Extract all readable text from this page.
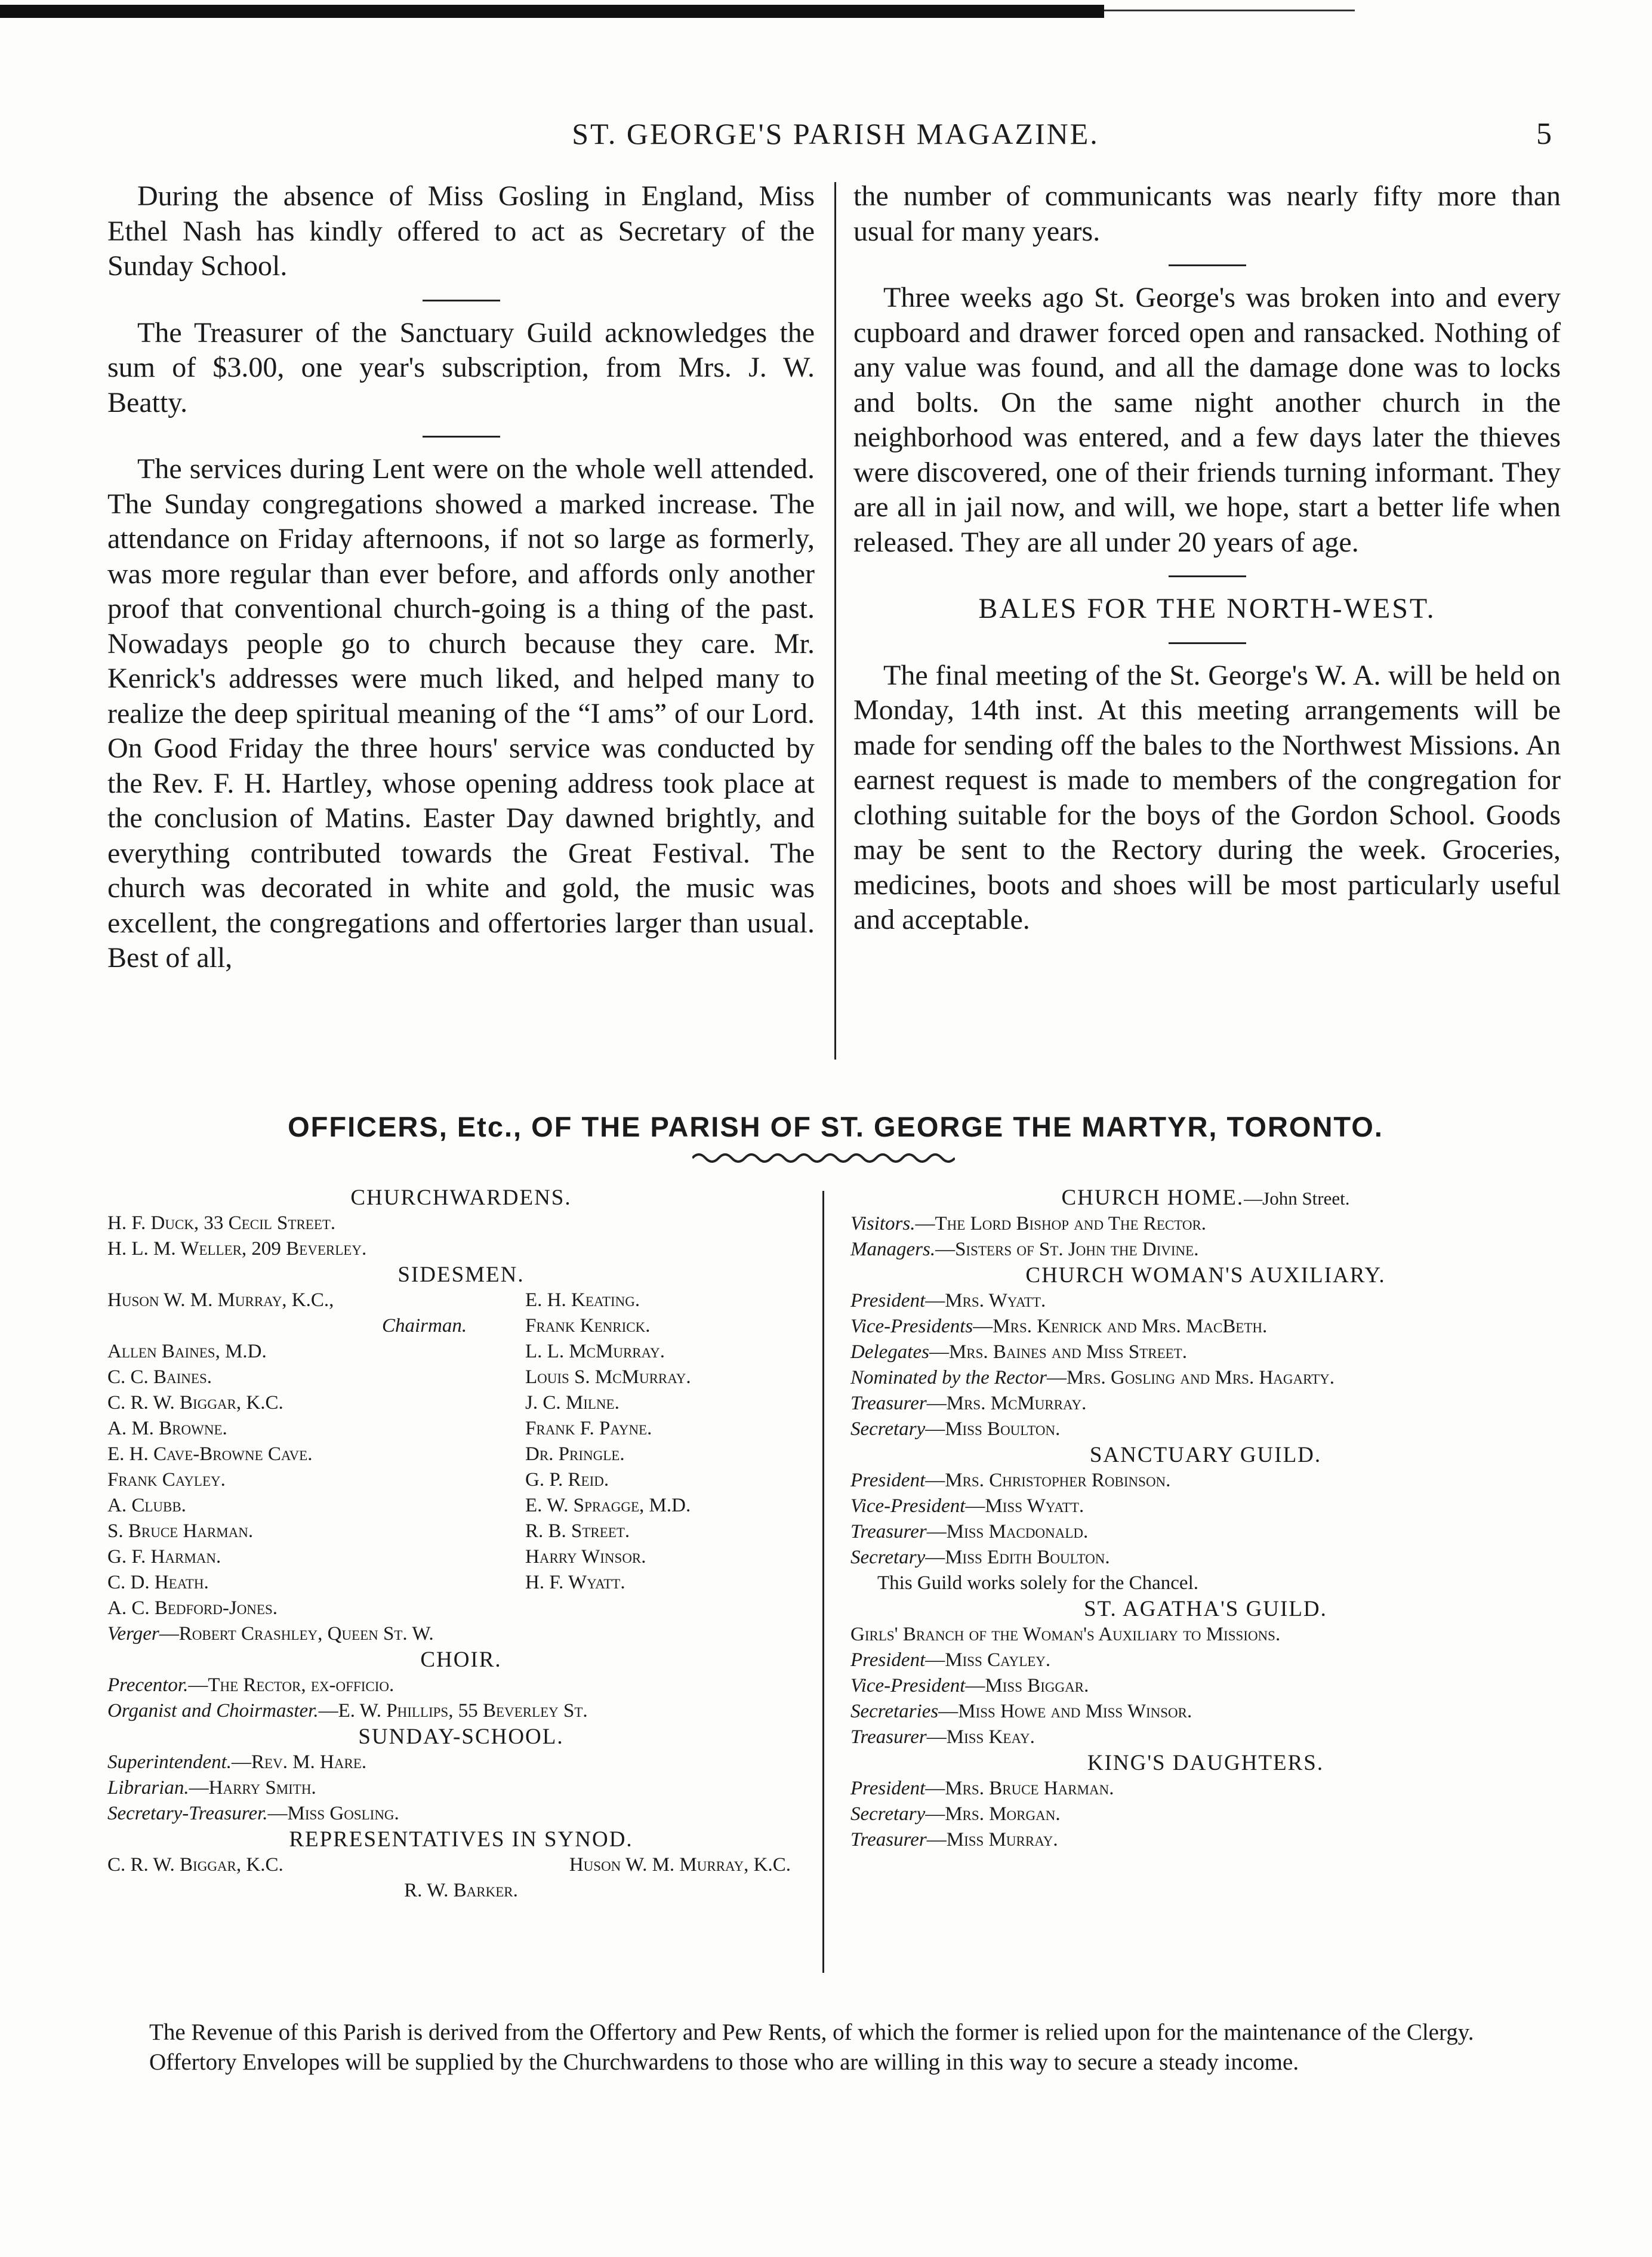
ST. GEORGE'S PARISH MAGAZINE.	5

During the absence of Miss Gosling in England, Miss Ethel Nash has kindly offered to act as Secretary of the Sunday School.

The Treasurer of the Sanctuary Guild acknowledges the sum of $3.00, one year's subscription, from Mrs. J. W. Beatty.

The services during Lent were on the whole well attended. The Sunday congregations showed a marked increase. The attendance on Friday afternoons, if not so large as formerly, was more regular than ever before, and affords only another proof that conventional church-going is a thing of the past. Nowadays people go to church because they care. Mr. Kenrick's addresses were much liked, and helped many to realize the deep spiritual meaning of the “I ams” of our Lord. On Good Friday the three hours' service was conducted by the Rev. F. H. Hartley, whose opening address took place at the conclusion of Matins. Easter Day dawned brightly, and everything contributed towards the Great Festival. The church was decorated in white and gold, the music was excellent, the congregations and offertories larger than usual. Best of all,

the number of communicants was nearly fifty more than usual for many years.

Three weeks ago St. George's was broken into and every cupboard and drawer forced open and ransacked. Nothing of any value was found, and all the damage done was to locks and bolts. On the same night another church in the neighborhood was entered, and a few days later the thieves were discovered, one of their friends turning informant. They are all in jail now, and will, we hope, start a better life when released. They are all under 20 years of age.

BALES FOR THE NORTH-WEST.

The final meeting of the St. George's W. A. will be held on Monday, 14th inst. At this meeting arrangements will be made for sending off the bales to the Northwest Missions. An earnest request is made to members of the congregation for clothing suitable for the boys of the Gordon School. Goods may be sent to the Rectory during the week. Groceries, medicines, boots and shoes will be most particularly useful and acceptable.

OFFICERS, Etc., OF THE PARISH OF ST. GEORGE THE MARTYR, TORONTO.

CHURCHWARDENS.

H. F. Duck, 33 Cecil Street.

H. L. M. Weller, 209 Beverley.

SIDESMEN.

Huson W. M. Murray, K.C.,

Chairman.

Allen Baines, M.D.

C. C. Baines.

C. R. W. Biggar, K.C.

A. M. Browne.

E. H. Cave-Browne Cave.

Frank Cayley.

A. Clubb.

S. Bruce Harman.

G. F. Harman.

C. D. Heath.

A. C. Bedford-Jones.

E. H. Keating.

Frank Kenrick.

L. L. McMurray.

Louis S. McMurray.

J. C. Milne.

Frank F. Payne.

Dr. Pringle.

G. P. Reid.

E. W. Spragge, M.D.

R. B. Street.

Harry Winsor.

H. F. Wyatt.

Verger—Robert Crashley, Queen St. W.

CHOIR.

Precentor.—The Rector, ex-officio.

Organist and Choirmaster.—E. W. Phillips, 55 Beverley St.

SUNDAY-SCHOOL.

Superintendent.—Rev. M. Hare.

Librarian.—Harry Smith.

Secretary-Treasurer.—Miss Gosling.

REPRESENTATIVES IN SYNOD.

C. R. W. Biggar, K.C.	Huson W. M. Murray, K.C.

R. W. Barker.

CHURCH HOME.—John Street.

Visitors.—The Lord Bishop and The Rector.

Managers.—Sisters of St. John the Divine.

CHURCH WOMAN'S AUXILIARY.

President—Mrs. Wyatt.

Vice-Presidents—Mrs. Kenrick and Mrs. MacBeth.

Delegates—Mrs. Baines and Miss Street.

Nominated by the Rector—Mrs. Gosling and Mrs. Hagarty.

Treasurer—Mrs. McMurray.

Secretary—Miss Boulton.

SANCTUARY GUILD.

President—Mrs. Christopher Robinson.

Vice-President—Miss Wyatt.

Treasurer—Miss Macdonald.

Secretary—Miss Edith Boulton.

This Guild works solely for the Chancel.

ST. AGATHA'S GUILD.

Girls' Branch of the Woman's Auxiliary to Missions.

President—Miss Cayley.

Vice-President—Miss Biggar.

Secretaries—Miss Howe and Miss Winsor.

Treasurer—Miss Keay.

KING'S DAUGHTERS.

President—Mrs. Bruce Harman.

Secretary—Mrs. Morgan.

Treasurer—Miss Murray.

The Revenue of this Parish is derived from the Offertory and Pew Rents, of which the former is relied upon for the maintenance of the Clergy.

Offertory Envelopes will be supplied by the Churchwardens to those who are willing in this way to secure a steady income.
